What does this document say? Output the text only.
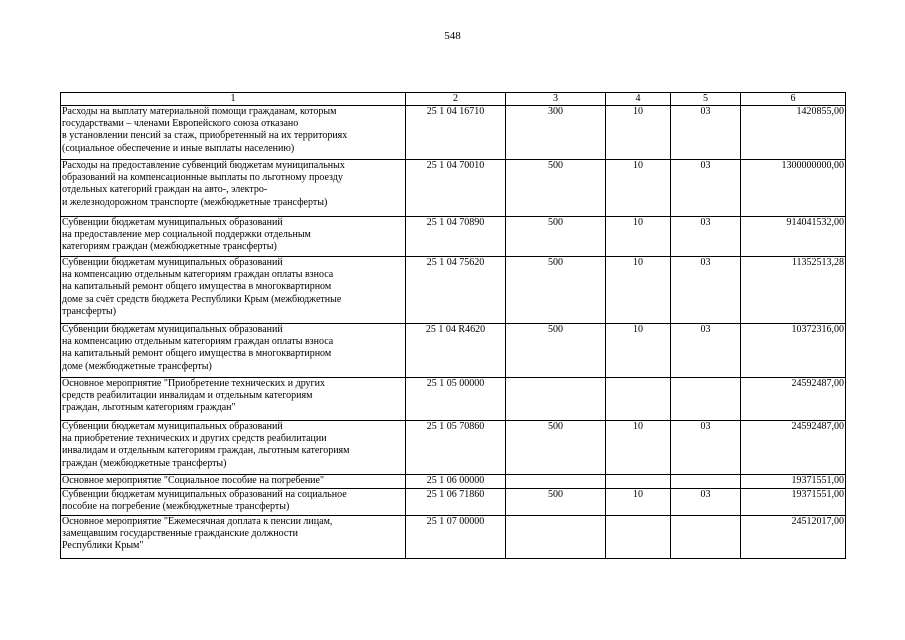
548
1	2	3	4	5	6
Расходы на выплату материальной помощи гражданам, которым
государствами – членами Европейского союза отказано
в установлении пенсий за стаж, приобретенный на их территориях
(социальное обеспечение и иные выплаты населению)	25 1 04 16710	300	10	03	1420855,00
Расходы на предоставление субвенций бюджетам муниципальных
образований на компенсационные выплаты по льготному проезду
отдельных категорий граждан на авто-, электро-
и железнодорожном транспорте (межбюджетные трансферты)	25 1 04 70010	500	10	03	1300000000,00
Субвенции бюджетам муниципальных образований
на предоставление мер социальной поддержки отдельным
категориям граждан (межбюджетные трансферты)	25 1 04 70890	500	10	03	914041532,00
Субвенции бюджетам муниципальных образований
на компенсацию отдельным категориям граждан оплаты взноса
на капитальный ремонт общего имущества в многоквартирном
доме за счёт средств бюджета Республики Крым (межбюджетные
трансферты)	25 1 04 75620	500	10	03	11352513,28
Субвенции бюджетам муниципальных образований
на компенсацию отдельным категориям граждан оплаты взноса
на капитальный ремонт общего имущества в многоквартирном
доме (межбюджетные трансферты)	25 1 04 R4620	500	10	03	10372316,00
Основное мероприятие "Приобретение технических и других
средств реабилитации инвалидам и отдельным категориям
граждан, льготным категориям граждан"	25 1 05 00000				24592487,00
Субвенции бюджетам муниципальных образований
на приобретение технических и других средств реабилитации
инвалидам и отдельным категориям граждан, льготным категориям
граждан (межбюджетные трансферты)	25 1 05 70860	500	10	03	24592487,00
Основное мероприятие "Социальное пособие на погребение"	25 1 06 00000				19371551,00
Субвенции бюджетам муниципальных образований на социальное
пособие на погребение (межбюджетные трансферты)	25 1 06 71860	500	10	03	19371551,00
Основное мероприятие "Ежемесячная доплата к пенсии лицам,
замещавшим государственные гражданские должности
Республики Крым"	25 1 07 00000				24512017,00
